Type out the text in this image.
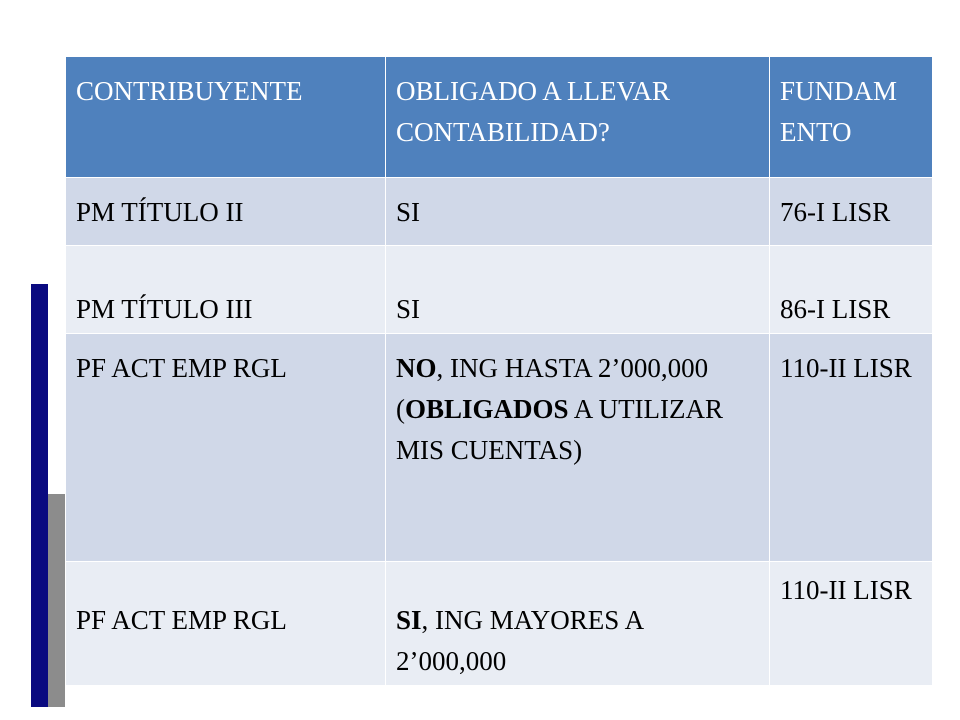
CONTRIBUYENTE	OBLIGADO A LLEVAR CONTABILIDAD?	FUNDAM ENTO
PM TÍTULO II	SI	76-I LISR
PM TÍTULO III	SI	86-I LISR
PF ACT EMP RGL	NO, ING HASTA 2’000,000 (OBLIGADOS A UTILIZAR MIS CUENTAS)	110-II LISR
PF ACT EMP RGL	SI, ING MAYORES A 2’000,000	110-II LISR
